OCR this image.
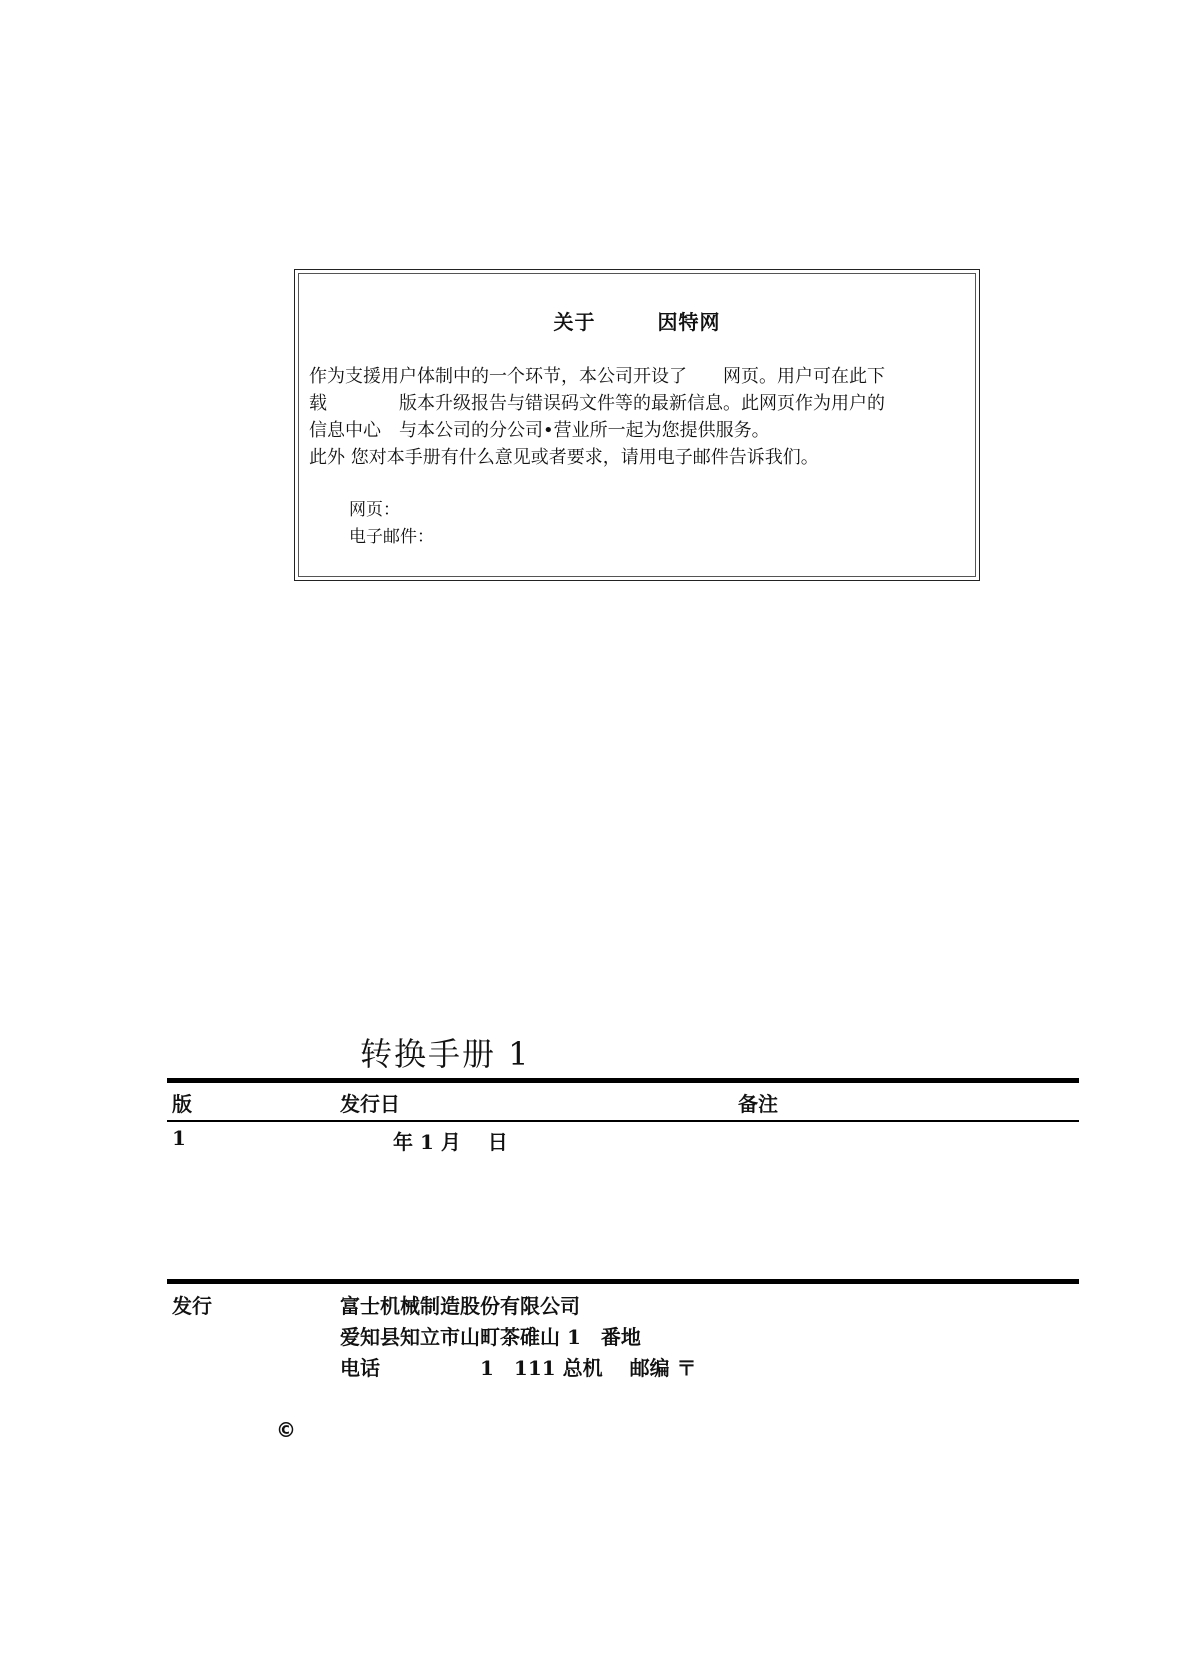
关于	因特网
作为支援用户体制中的一个环节，本公司开设了　　网页。用户可在此下
载　　　　版本升级报告与错误码文件等的最新信息。此网页作为用户的
信息中心　与本公司的分公司•营业所一起为您提供服务。
此外 您对本手册有什么意见或者要求，请用电子邮件告诉我们。
网页：
电子邮件：
转换手册 1
版	发行日	备注
1	年 1 月　 日
发行	富士机械制造股份有限公司
爱知县知立市山町茶碓山 1　番地
电话　　　　　1　111 总机　 邮编 〒
©
